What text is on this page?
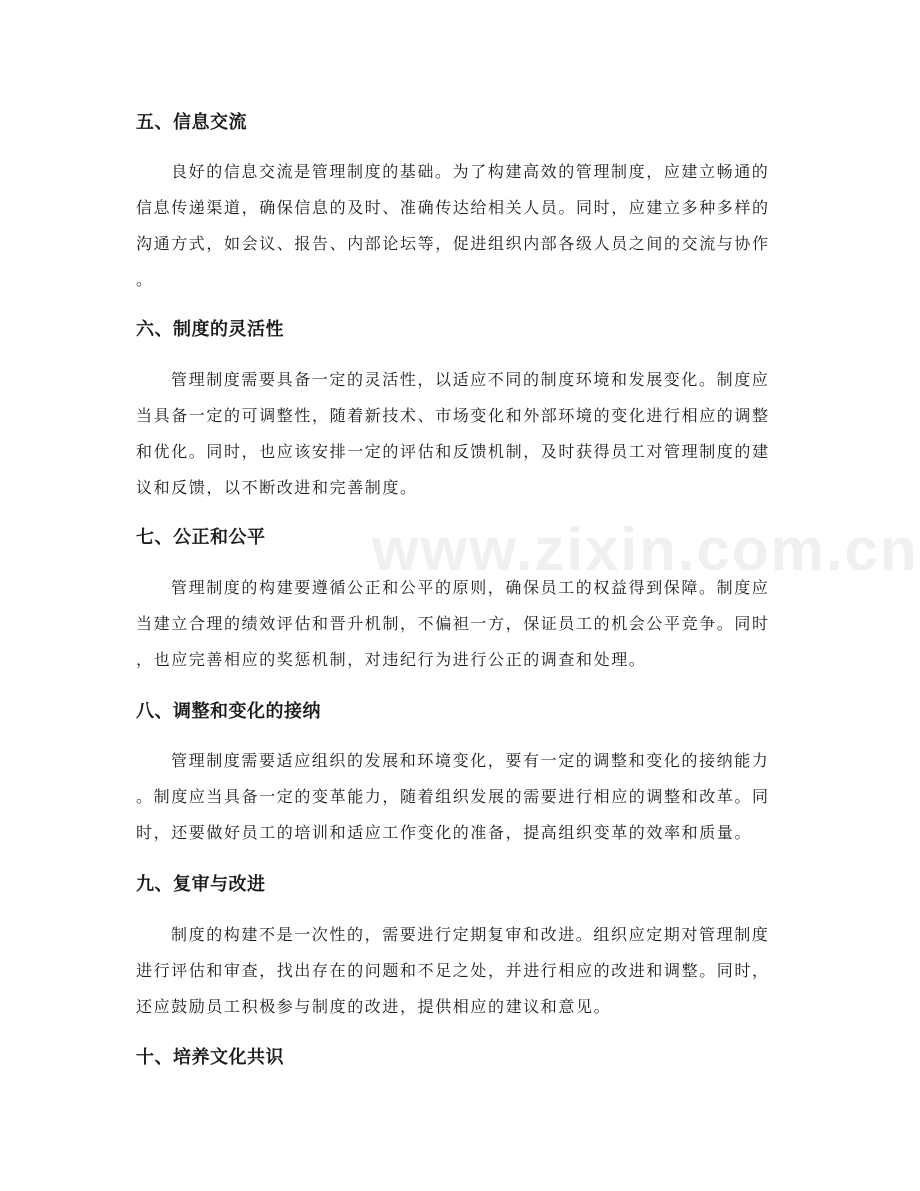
www.zixin.com.cn
五、信息交流
良好的信息交流是管理制度的基础。为了构建高效的管理制度，应建立畅通的
信息传递渠道，确保信息的及时、准确传达给相关人员。同时，应建立多种多样的
沟通方式，如会议、报告、内部论坛等，促进组织内部各级人员之间的交流与协作
。
六、制度的灵活性
管理制度需要具备一定的灵活性，以适应不同的制度环境和发展变化。制度应
当具备一定的可调整性，随着新技术、市场变化和外部环境的变化进行相应的调整
和优化。同时，也应该安排一定的评估和反馈机制，及时获得员工对管理制度的建
议和反馈，以不断改进和完善制度。
七、公正和公平
管理制度的构建要遵循公正和公平的原则，确保员工的权益得到保障。制度应
当建立合理的绩效评估和晋升机制，不偏袒一方，保证员工的机会公平竞争。同时
，也应完善相应的奖惩机制，对违纪行为进行公正的调查和处理。
八、调整和变化的接纳
管理制度需要适应组织的发展和环境变化，要有一定的调整和变化的接纳能力
。制度应当具备一定的变革能力，随着组织发展的需要进行相应的调整和改革。同
时，还要做好员工的培训和适应工作变化的准备，提高组织变革的效率和质量。
九、复审与改进
制度的构建不是一次性的，需要进行定期复审和改进。组织应定期对管理制度
进行评估和审查，找出存在的问题和不足之处，并进行相应的改进和调整。同时，
还应鼓励员工积极参与制度的改进，提供相应的建议和意见。
十、培养文化共识
